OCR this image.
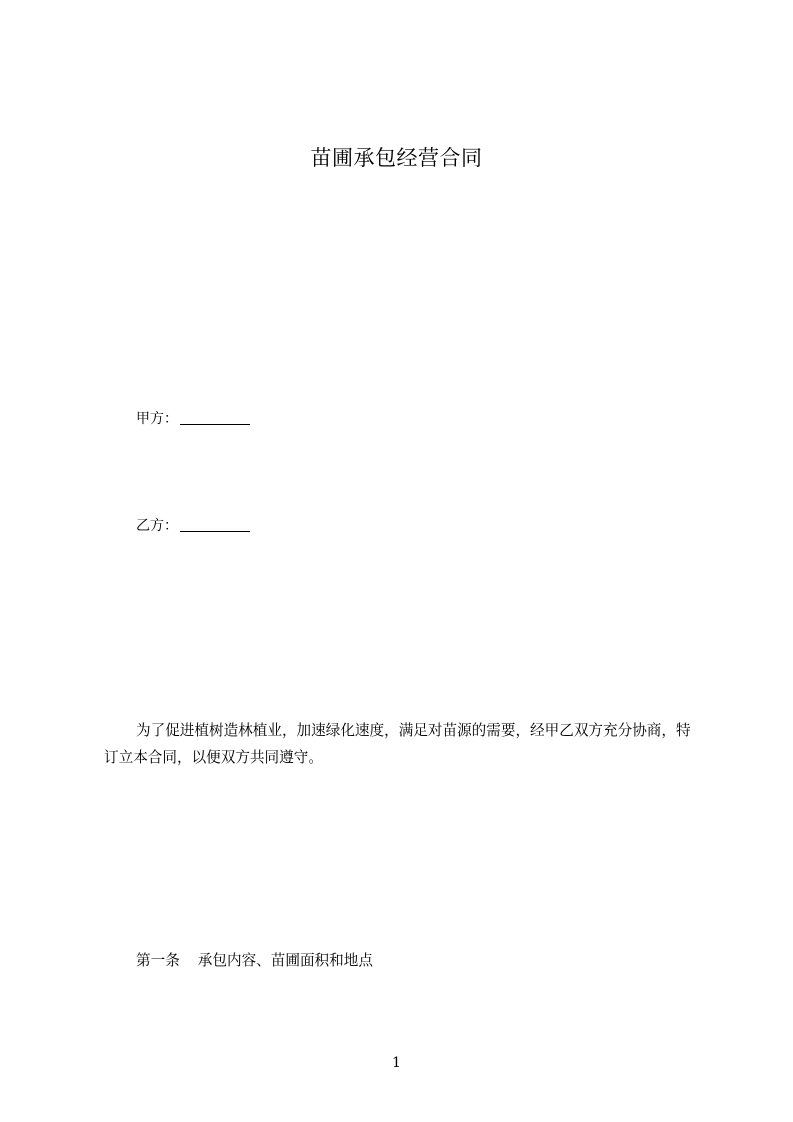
苗圃承包经营合同
甲方：
乙方：
为了促进植树造林植业，加速绿化速度，满足对苗源的需要，经甲乙双方充分协商，特订立本合同，以便双方共同遵守。
第一条 承包内容、苗圃面积和地点
1
